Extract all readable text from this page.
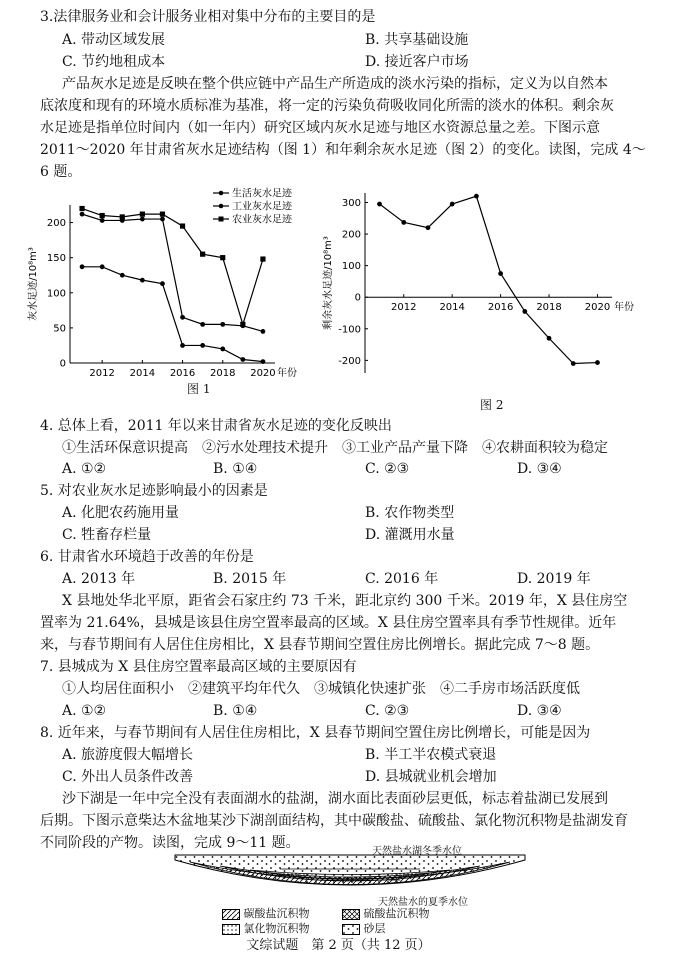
3.法律服务业和会计服务业相对集中分布的主要目的是
A. 带动区域发展	B. 共享基础设施
C. 节约地租成本	D. 接近客户市场
产品灰水足迹是反映在整个供应链中产品生产所造成的淡水污染的指标，定义为以自然本
底浓度和现有的环境水质标准为基准，将一定的污染负荷吸收同化所需的淡水的体积。剩余灰
水足迹是指单位时间内（如一年内）研究区域内灰水足迹与地区水资源总量之差。下图示意
2011～2020 年甘肃省灰水足迹结构（图 1）和年剩余灰水足迹（图 2）的变化。读图，完成 4～
6 题。
0
50
100
150
200
2012 2014 2016 2018 2020 年份
灰水足迹/10⁸m³
生活灰水足迹
工业灰水足迹
农业灰水足迹
图 1
-200
-100
0
100
200
300
2012 2014 2016 2018 2020 年份
剩余灰水足迹/10⁸m³
图 2
4. 总体上看，2011 年以来甘肃省灰水足迹的变化反映出
①生活环保意识提高　②污水处理技术提升　③工业产品产量下降　④农耕面积较为稳定
A. ①②	B. ①④	C. ②③	D. ③④
5. 对农业灰水足迹影响最小的因素是
A. 化肥农药施用量	B. 农作物类型
C. 牲畜存栏量	D. 灌溉用水量
6. 甘肃省水环境趋于改善的年份是
A. 2013 年	B. 2015 年	C. 2016 年	D. 2019 年
X 县地处华北平原，距省会石家庄约 73 千米，距北京约 300 千米。2019 年，X 县住房空
置率为 21.64%，县城是该县住房空置率最高的区域。X 县住房空置率具有季节性规律。近年
来，与春节期间有人居住住房相比，X 县春节期间空置住房比例增长。据此完成 7～8 题。
7. 县城成为 X 县住房空置率最高区域的主要原因有
①人均居住面积小　②建筑平均年代久　③城镇化快速扩张　④二手房市场活跃度低
A. ①②	B. ①④	C. ②③	D. ③④
8. 近年来，与春节期间有人居住住房相比，X 县春节期间空置住房比例增长，可能是因为
A. 旅游度假大幅增长	B. 半工半农模式衰退
C. 外出人员条件改善	D. 县城就业机会增加
沙下湖是一年中完全没有表面湖水的盐湖，湖水面比表面砂层更低，标志着盐湖已发展到
后期。下图示意柴达木盆地某沙下湖剖面结构，其中碳酸盐、硫酸盐、氯化物沉积物是盐湖发育
不同阶段的产物。读图，完成 9～11 题。
天然盐水湖冬季水位
天然盐水的夏季水位
碳酸盐沉积物	硫酸盐沉积物
氯化物沉积物	砂层
文综试题　第 2 页（共 12 页）
